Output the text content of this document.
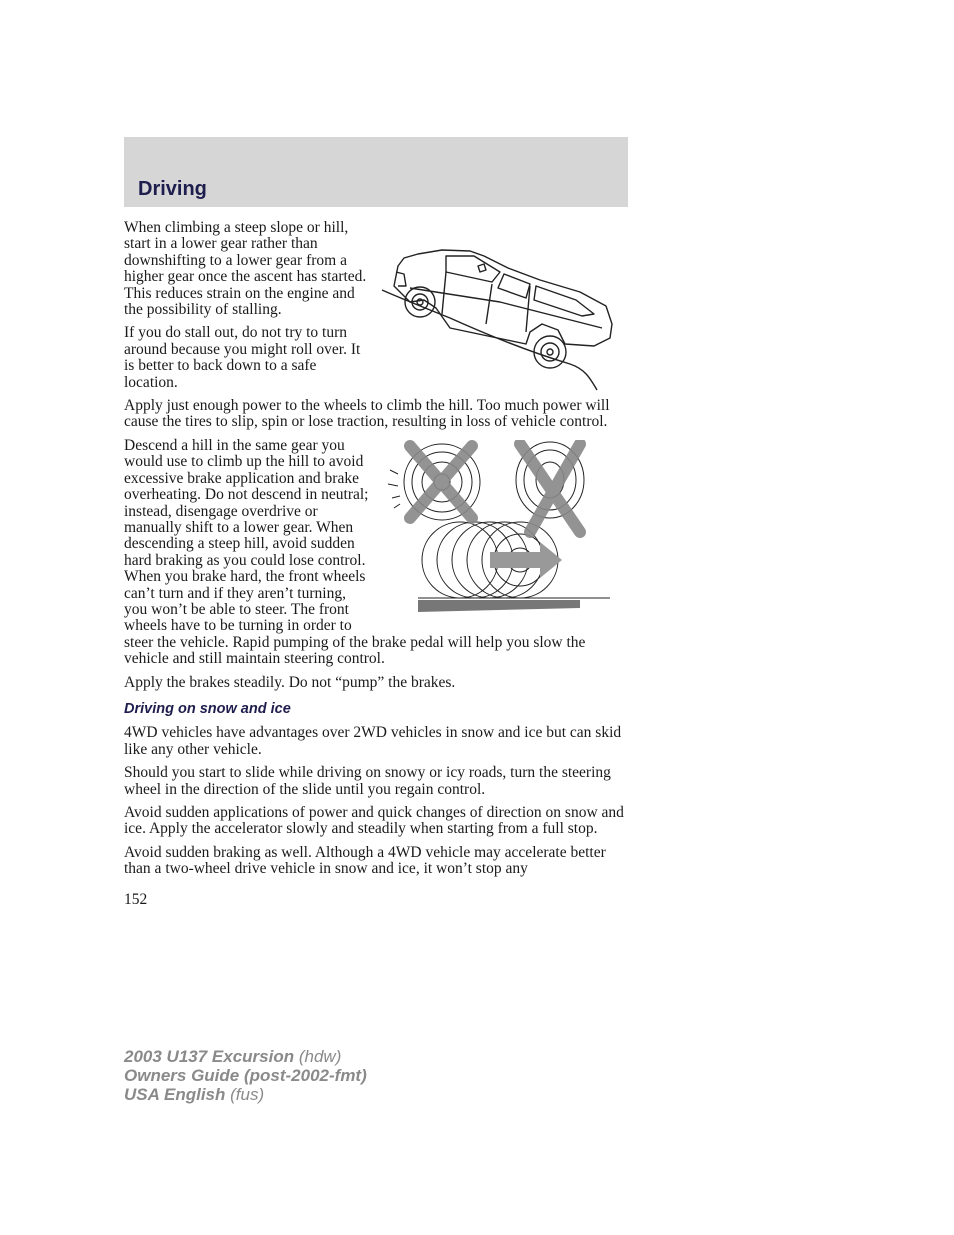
Driving

When climbing a steep slope or hill, start in a lower gear rather than downshifting to a lower gear from a higher gear once the ascent has started. This reduces strain on the engine and the possibility of stalling.

If you do stall out, do not try to turn around because you might roll over. It is better to back down to a safe location.

Apply just enough power to the wheels to climb the hill. Too much power will cause the tires to slip, spin or lose traction, resulting in loss of vehicle control.

Descend a hill in the same gear you would use to climb up the hill to avoid excessive brake application and brake overheating. Do not descend in neutral; instead, disengage overdrive or manually shift to a lower gear. When descending a steep hill, avoid sudden hard braking as you could lose control. When you brake hard, the front wheels can’t turn and if they aren’t turning, you won’t be able to steer. The front wheels have to be turning in order to steer the vehicle. Rapid pumping of the brake pedal will help you slow the vehicle and still maintain steering control.

Apply the brakes steadily. Do not “pump” the brakes.

Driving on snow and ice

4WD vehicles have advantages over 2WD vehicles in snow and ice but can skid like any other vehicle.

Should you start to slide while driving on snowy or icy roads, turn the steering wheel in the direction of the slide until you regain control.

Avoid sudden applications of power and quick changes of direction on snow and ice. Apply the accelerator slowly and steadily when starting from a full stop.

Avoid sudden braking as well. Although a 4WD vehicle may accelerate better than a two-wheel drive vehicle in snow and ice, it won’t stop any

152
2003 U137 Excursion (hdw)
Owners Guide (post-2002-fmt)
USA English (fus)
